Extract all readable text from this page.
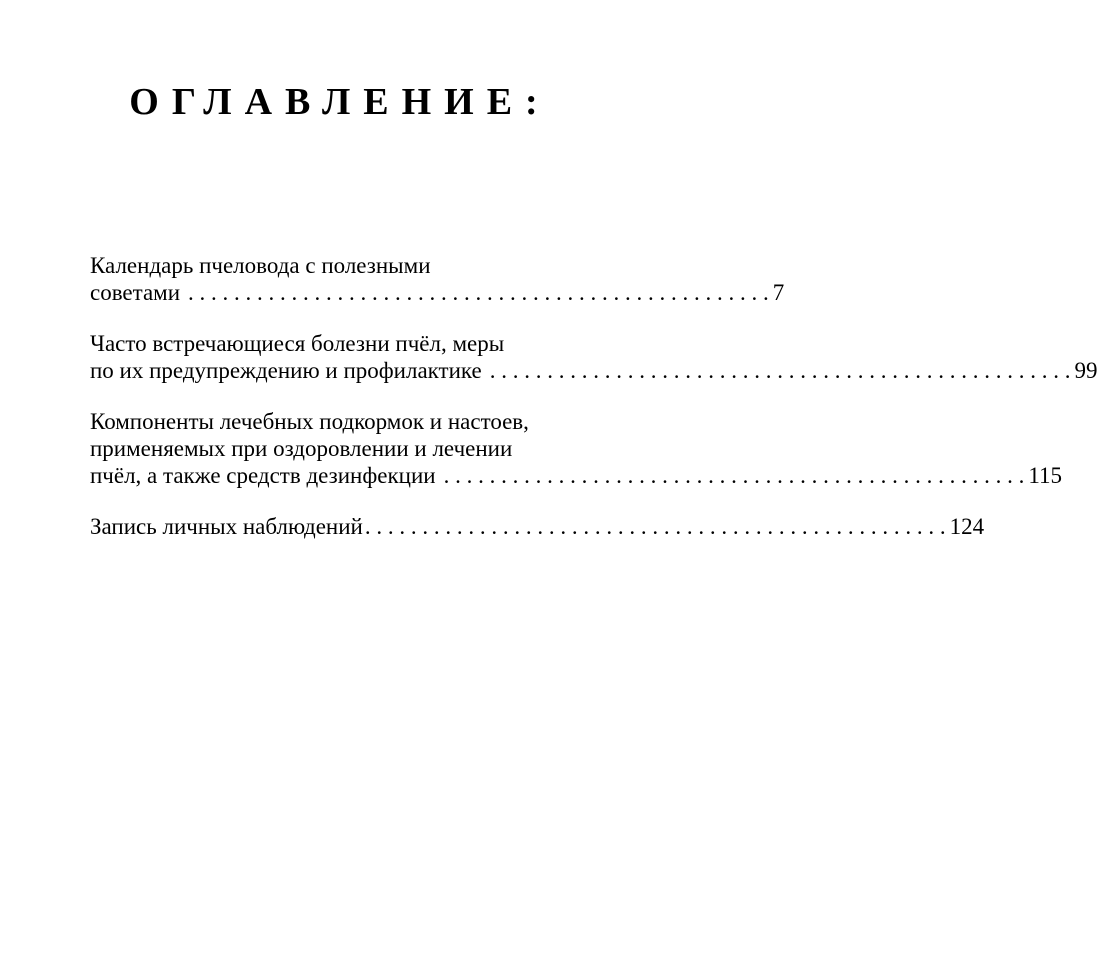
ОГЛАВЛЕНИЕ:
Календарь пчеловода с полезными
советами . . . . . . . . . . . . . . . . . . . . . . . . . . . . . . . . . . . . . . . . . . . . . . . . . . . 7
Часто встречающиеся болезни пчёл, меры
по их предупреждению и профилактике . . . . . . . . . . . . . . . . . . . . . . . . . . . . . . . . . . . . . . . . . . . . . . . . . . . 99
Компоненты лечебных подкормок и настоев,
применяемых при оздоровлении и лечении
пчёл, а также средств дезинфекции . . . . . . . . . . . . . . . . . . . . . . . . . . . . . . . . . . . . . . . . . . . . . . . . . . . 115
Запись личных наблюдений . . . . . . . . . . . . . . . . . . . . . . . . . . . . . . . . . . . . . . . . . . . . . . . . . . . 124
